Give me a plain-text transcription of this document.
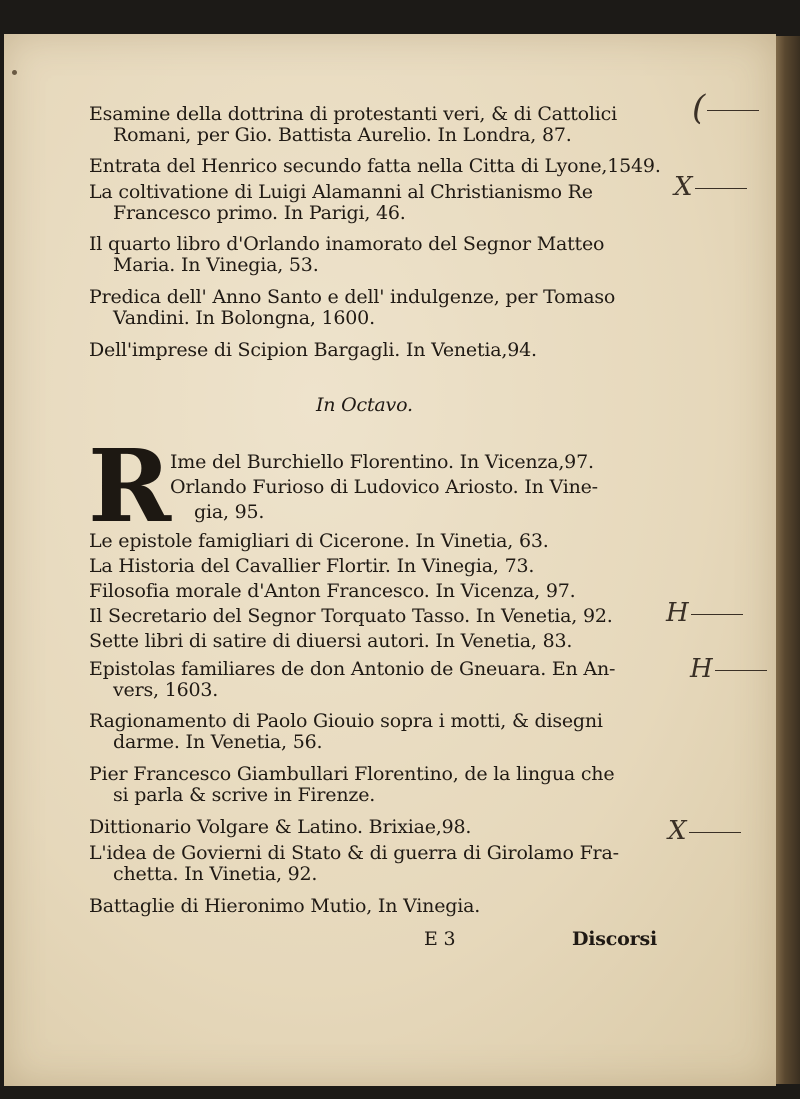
Esamine della dottrina di protestanti veri, & di Cattolici
Romani, per Gio. Battista Aurelio. In Londra, 87.
Entrata del Henrico secundo fatta nella Citta di Lyone,1549.
La coltivatione di Luigi Alamanni al Christianismo Re
Francesco primo. In Parigi, 46.
Il quarto libro d'Orlando inamorato del Segnor Matteo
Maria. In Vinegia, 53.
Predica dell' Anno Santo e dell' indulgenze, per Tomaso
Vandini. In Bolongna, 1600.
Dell'imprese di Scipion Bargagli. In Venetia,94.
In Octavo.
R
Ime del Burchiello Florentino. In Vicenza,97.
Orlando Furioso di Ludovico Ariosto. In Vine-
gia, 95.
Le epistole famigliari di Cicerone. In Vinetia, 63.
La Historia del Cavallier Flortir. In Vinegia, 73.
Filosofia morale d'Anton Francesco. In Vicenza, 97.
Il Secretario del Segnor Torquato Tasso. In Venetia, 92.
Sette libri di satire di diuersi autori. In Venetia, 83.
Epistolas familiares de don Antonio de Gneuara. En An-
vers, 1603.
Ragionamento di Paolo Giouio sopra i motti, & disegni
darme. In Venetia, 56.
Pier Francesco Giambullari Florentino, de la lingua che
si parla & scrive in Firenze.
Dittionario Volgare & Latino. Brixiae,98.
L'idea de Govierni di Stato & di guerra di Girolamo Fra-
chetta. In Vinetia, 92.
Battaglie di Hieronimo Mutio, In Vinegia.
E 3	Discorsi
(
X
H
H
X
